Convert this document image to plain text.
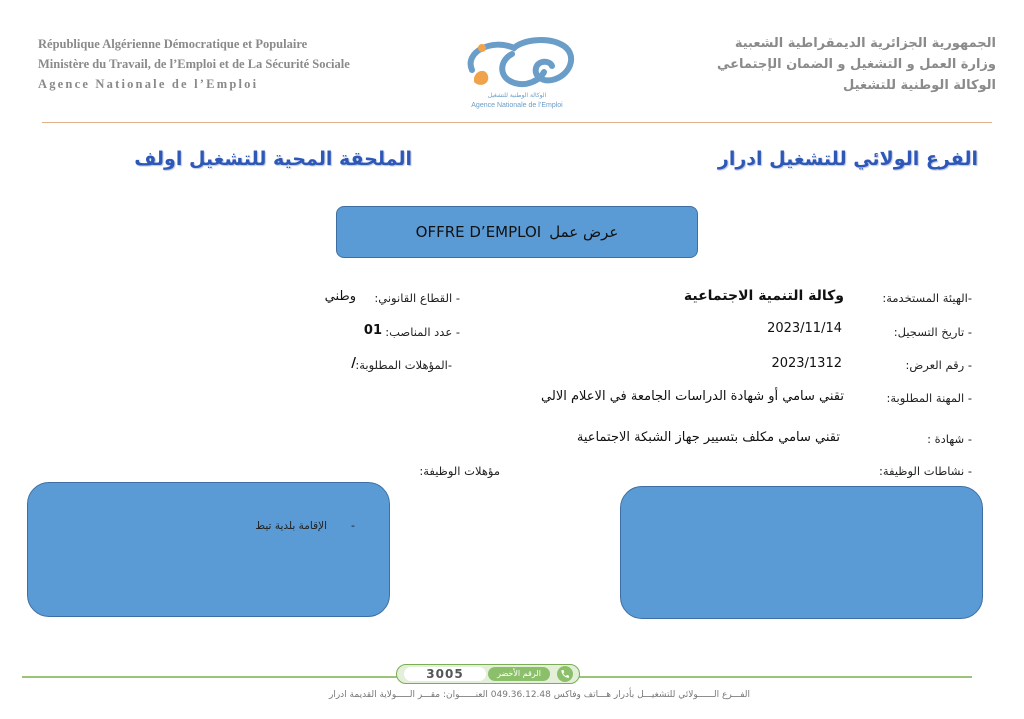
République Algérienne Démocratique et Populaire
Ministère du Travail, de l’Emploi et de La Sécurité Sociale
Agence Nationale de l’Emploi
الوكالة الوطنية للتشغيل
Agence Nationale de l’Emploi
الجمهورية الجزائرية الديمقراطية الشعبية
وزارة العمل و التشغيل و الضمان الإجتماعي
الوكالة الوطنية للتشغيل
الفرع الولائي للتشغيل ادرار
الملحقة المحية للتشغيل اولف
OFFRE D’EMPLOI عرض عمل
-الهيئة المستخدمة:
- تاريخ التسجيل:
- رقم العرض:
- المهنة المطلوبة:
- شهادة :
- نشاطات الوظيفة:
وكالة التنمية الاجتماعية
2023/11/14
2023/1312
تقني سامي أو شهادة الدراسات الجامعة في الاعلام الالي
تقني سامي مكلف بتسيير جهاز الشبكة الاجتماعية
- القطاع القانوني:
وطني
- عدد المناصب:
01
-المؤهلات المطلوبة:
/
مؤهلات الوظيفة:
-
الإقامة بلدية تيط
3005	الرقم الأخضر
الفـــرع الــــــولائي للتشغيـــل بأدرار هـــاتف وفاكس 049.36.12.48 العنــــــوان: مقـــر الـــــولاية القديمة ادرار
